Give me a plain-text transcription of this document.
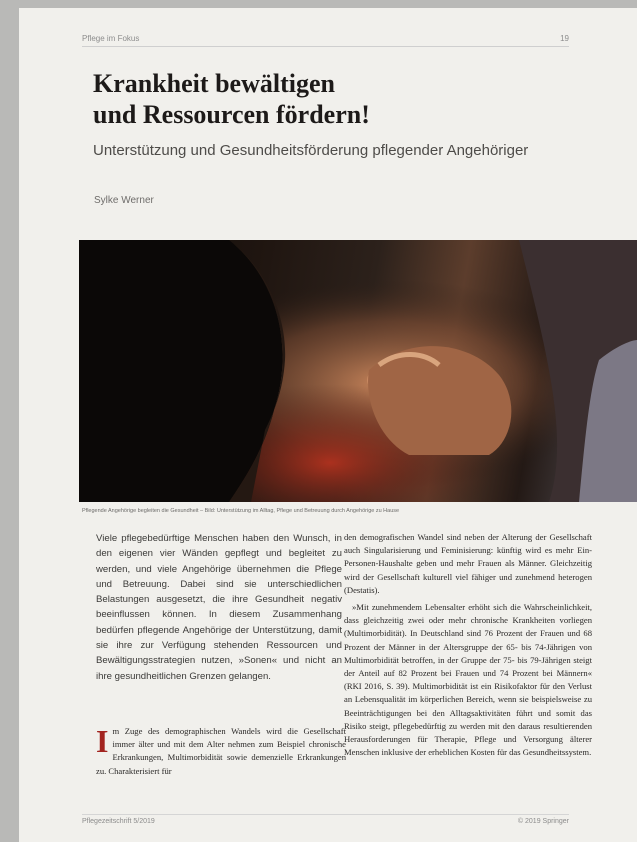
Pflege im Fokus	19
Krankheit bewältigen
und Ressourcen fördern!

Unterstützung und Gesundheitsförderung pflegender Angehöriger

Sylke Werner
Pflegende Angehörige begleiten die Gesundheit – Bild: Unterstützung im Alltag, Pflege und Betreuung durch Angehörige zu Hause

Viele pflegebedürftige Menschen haben den Wunsch, in den eigenen vier Wänden gepflegt und begleitet zu werden, und viele Angehörige übernehmen die Pflege und Betreuung. Dabei sind sie unterschiedlichen Belastungen ausgesetzt, die ihre Gesundheit negativ beeinflussen können. In diesem Zusammenhang bedürfen pflegende Angehörige der Unterstützung, damit sie ihre zur Verfügung stehenden Ressourcen und Bewältigungsstrategien nutzen, »Sonen« und nicht an ihre gesundheitlichen Grenzen gelangen.

Im Zuge des demographischen Wandels wird die Gesellschaft immer älter und mit dem Alter nehmen zum Beispiel chronische Erkrankungen, Multimorbidität sowie demenzielle Erkrankungen zu. Charakterisiert für

den demografischen Wandel sind neben der Alterung der Gesellschaft auch Singularisierung und Feminisierung: künftig wird es mehr Ein-Personen-Haushalte geben und mehr Frauen als Männer. Gleichzeitig wird der Gesellschaft kulturell viel fähiger und zunehmend heterogen (Destatis).

»Mit zunehmendem Lebensalter erhöht sich die Wahrscheinlichkeit, dass gleichzeitig zwei oder mehr chronische Krankheiten vorliegen (Multimorbidität). In Deutschland sind 76 Prozent der Frauen und 68 Prozent der Männer in der Altersgruppe der 65- bis 74-Jährigen von Multimorbidität betroffen, in der Gruppe der 75- bis 79-Jährigen steigt der Anteil auf 82 Prozent bei Frauen und 74 Prozent bei Männern« (RKI 2016, S. 39). Multimorbidität ist ein Risikofaktor für den Verlust an Lebensqualität im körperlichen Bereich, wenn sie beispielsweise zu Beeinträchtigungen bei den Alltagsaktivitäten führt und somit das Risiko steigt, pflegebedürftig zu werden mit den daraus resultierenden Herausforderungen für Therapie, Pflege und Versorgung älterer Menschen inklusive der erheblichen Kosten für das Gesundheitssystem.

Pflegezeitschrift 5/2019	© 2019 Springer
